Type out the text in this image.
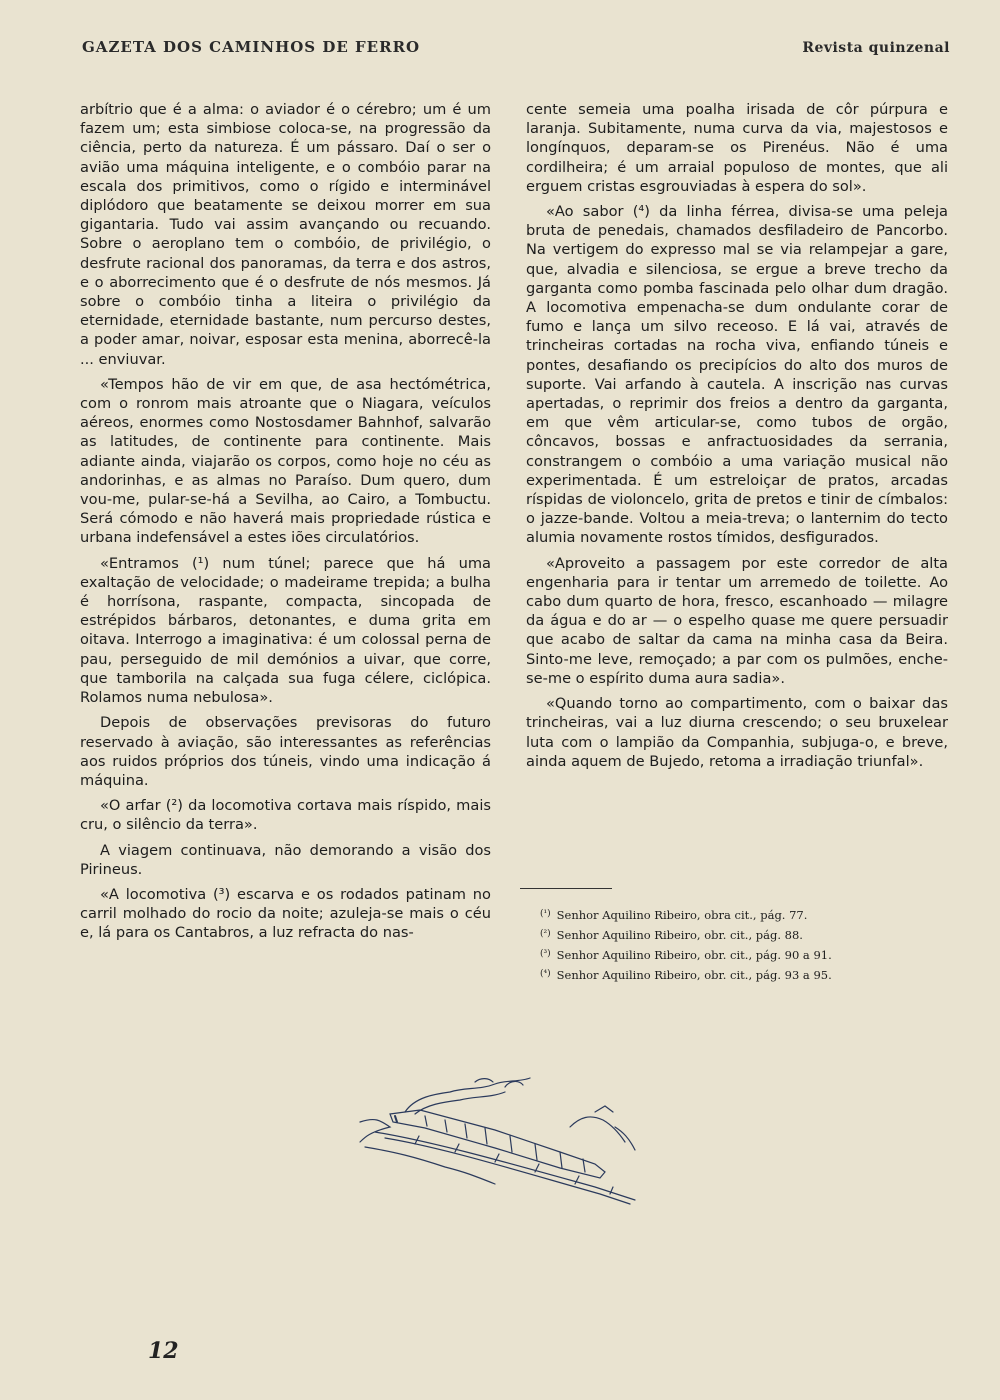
GAZETA DOS CAMINHOS DE FERRO	Revista quinzenal

arbítrio que é a alma: o aviador é o cérebro; um é um fazem um; esta simbiose coloca-se, na progressão da ciência, perto da natureza. É um pássaro. Daí o ser o avião uma máquina inteligente, e o combóio parar na escala dos primitivos, como o rígido e interminável diplódoro que beatamente se deixou morrer em sua gigantaria. Tudo vai assim avançando ou recuando. Sobre o aeroplano tem o combóio, de privilégio, o desfrute racional dos panoramas, da terra e dos astros, e o aborrecimento que é o desfrute de nós mesmos. Já sobre o combóio tinha a liteira o privilégio da eternidade, eternidade bastante, num percurso destes, a poder amar, noivar, esposar esta menina, aborrecê-la ... enviuvar.

«Tempos hão de vir em que, de asa hectómétrica, com o ronrom mais atroante que o Niagara, veículos aéreos, enormes como Nostosdamer Bahnhof, salvarão as latitudes, de continente para continente. Mais adiante ainda, viajarão os corpos, como hoje no céu as andorinhas, e as almas no Paraíso. Dum quero, dum vou-me, pular-se-há a Sevilha, ao Cairo, a Tombuctu. Será cómodo e não haverá mais propriedade rústica e urbana indefensável a estes iões circulatórios.

«Entramos (¹) num túnel; parece que há uma exaltação de velocidade; o madeirame trepida; a bulha é horrísona, raspante, compacta, sincopada de estrépidos bárbaros, detonantes, e duma grita em oitava. Interrogo a imaginativa: é um colossal perna de pau, perseguido de mil demónios a uivar, que corre, que tamborila na calçada sua fuga célere, ciclópica. Rolamos numa nebulosa».

Depois de observações previsoras do futuro reservado à aviação, são interessantes as referências aos ruidos próprios dos túneis, vindo uma indicação á máquina.

«O arfar (²) da locomotiva cortava mais ríspido, mais cru, o silêncio da terra».

A viagem continuava, não demorando a visão dos Pirineus.

«A locomotiva (³) escarva e os rodados patinam no carril molhado do rocio da noite; azuleja-se mais o céu e, lá para os Cantabros, a luz refracta do nas-

cente semeia uma poalha irisada de côr púrpura e laranja. Subitamente, numa curva da via, majestosos e longínquos, deparam-se os Pirenéus. Não é uma cordilheira; é um arraial populoso de montes, que ali erguem cristas esgrouviadas à espera do sol».

«Ao sabor (⁴) da linha férrea, divisa-se uma peleja bruta de penedais, chamados desfiladeiro de Pancorbo. Na vertigem do expresso mal se via relampejar a gare, que, alvadia e silenciosa, se ergue a breve trecho da garganta como pomba fascinada pelo olhar dum dragão. A locomotiva empenacha-se dum ondulante corar de fumo e lança um silvo receoso. E lá vai, através de trincheiras cortadas na rocha viva, enfiando túneis e pontes, desafiando os precipícios do alto dos muros de suporte. Vai arfando à cautela. A inscrição nas curvas apertadas, o reprimir dos freios a dentro da garganta, em que vêm articular-se, como tubos de orgão, côncavos, bossas e anfractuosidades da serrania, constrangem o combóio a uma variação musical não experimentada. É um estreloiçar de pratos, arcadas ríspidas de violoncelo, grita de pretos e tinir de címbalos: o jazze-bande. Voltou a meia-treva; o lanternim do tecto alumia novamente rostos tímidos, desfigurados.

«Aproveito a passagem por este corredor de alta engenharia para ir tentar um arremedo de toilette. Ao cabo dum quarto de hora, fresco, escanhoado — milagre da água e do ar — o espelho quase me quere persuadir que acabo de saltar da cama na minha casa da Beira. Sinto-me leve, remoçado; a par com os pulmões, enche-se-me o espírito duma aura sadia».

«Quando torno ao compartimento, com o baixar das trincheiras, vai a luz diurna crescendo; o seu bruxelear luta com o lampião da Companhia, subjuga-o, e breve, ainda aquem de Bujedo, retoma a irradiação triunfal».

$^{(^1)}$ Senhor Aquilino Ribeiro, obra cit., pág. 77.
$^{(^2)}$ Senhor Aquilino Ribeiro, obr. cit., pág. 88.
$^{(^3)}$ Senhor Aquilino Ribeiro, obr. cit., pág. 90 a 91.
$^{(^4)}$ Senhor Aquilino Ribeiro, obr. cit., pág. 93 a 95.
12
